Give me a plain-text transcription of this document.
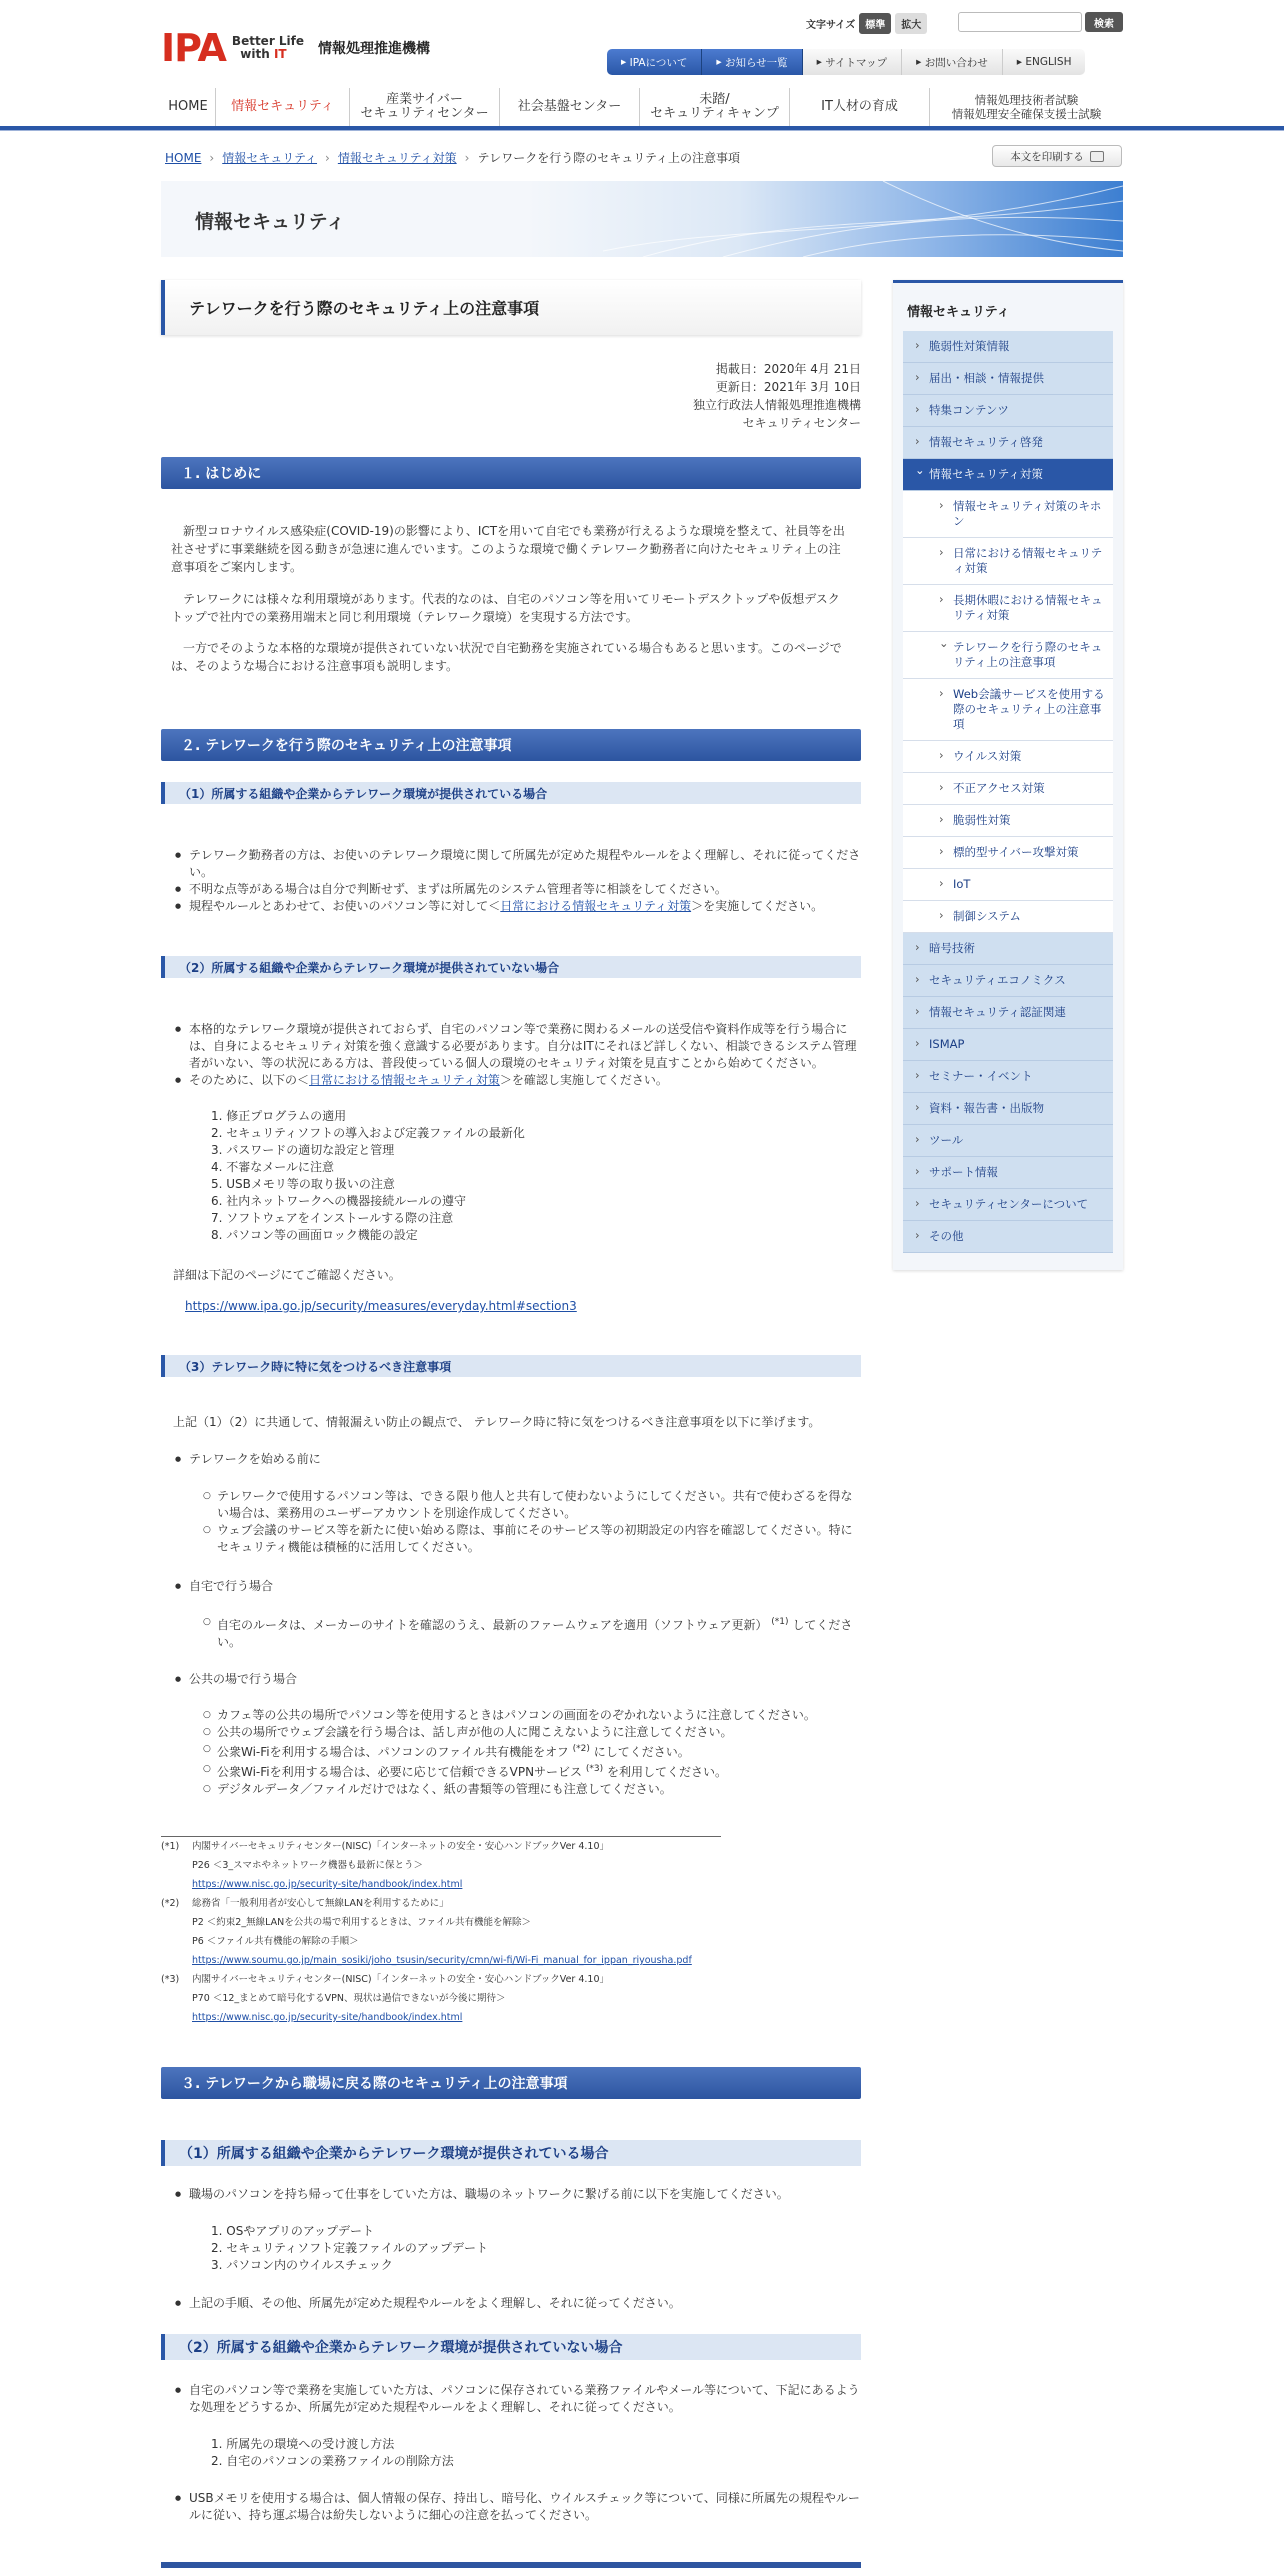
IPA Better Life
with IT	情報処理推進機構
文字サイズ	標準	拡大	検索
▸ IPAについて	▸ お知らせ一覧	▸ サイトマップ	▸ お問い合わせ	▸ ENGLISH
HOME	情報セキュリティ	産業サイバー
セキュリティセンター	社会基盤センター	未踏/
セキュリティキャンプ	IT人材の育成	情報処理技術者試験
情報処理安全確保支援士試験
HOME › 情報セキュリティ › 情報セキュリティ対策 › テレワークを行う際のセキュリティ上の注意事項	本文を印刷する
情報セキュリティ
テレワークを行う際のセキュリティ上の注意事項
掲載日：2020年 4月 21日
更新日：2021年 3月 10日
独立行政法人情報処理推進機構
セキュリティセンター
１. はじめに

新型コロナウイルス感染症(COVID-19)の影響により、ICTを用いて自宅でも業務が行えるような環境を整えて、社員等を出社させずに事業継続を図る動きが急速に進んでいます。このような環境で働くテレワーク勤務者に向けたセキュリティ上の注意事項をご案内します。

テレワークには様々な利用環境があります。代表的なのは、自宅のパソコン等を用いてリモートデスクトップや仮想デスクトップで社内での業務用端末と同じ利用環境（テレワーク環境）を実現する方法です。

一方でそのような本格的な環境が提供されていない状況で自宅勤務を実施されている場合もあると思います。このページでは、そのような場合における注意事項も説明します。

２. テレワークを行う際のセキュリティ上の注意事項
（1）所属する組織や企業からテレワーク環境が提供されている場合
● テレワーク勤務者の方は、お使いのテレワーク環境に関して所属先が定めた規程やルールをよく理解し、それに従ってください。
● 不明な点等がある場合は自分で判断せず、まずは所属先のシステム管理者等に相談をしてください。
● 規程やルールとあわせて、お使いのパソコン等に対して＜日常における情報セキュリティ対策＞を実施してください。
（2）所属する組織や企業からテレワーク環境が提供されていない場合
● 本格的なテレワーク環境が提供されておらず、自宅のパソコン等で業務に関わるメールの送受信や資料作成等を行う場合には、自身によるセキュリティ対策を強く意識する必要があります。自分はITにそれほど詳しくない、相談できるシステム管理者がいない、等の状況にある方は、普段使っている個人の環境のセキュリティ対策を見直すことから始めてください。
● そのために、以下の＜日常における情報セキュリティ対策＞を確認し実施してください。
1. 修正プログラムの適用
2. セキュリティソフトの導入および定義ファイルの最新化
3. パスワードの適切な設定と管理
4. 不審なメールに注意
5. USBメモリ等の取り扱いの注意
6. 社内ネットワークへの機器接続ルールの遵守
7. ソフトウェアをインストールする際の注意
8. パソコン等の画面ロック機能の設定

詳細は下記のページにてご確認ください。

https://www.ipa.go.jp/security/measures/everyday.html#section3

（3）テレワーク時に特に気をつけるべき注意事項

上記（1）（2）に共通して、情報漏えい防止の観点で、 テレワーク時に特に気をつけるべき注意事項を以下に挙げます。

● テレワークを始める前に
○ テレワークで使用するパソコン等は、できる限り他人と共有して使わないようにしてください。共有で使わざるを得ない場合は、業務用のユーザーアカウントを別途作成してください。
○ ウェブ会議のサービス等を新たに使い始める際は、事前にそのサービス等の初期設定の内容を確認してください。特にセキュリティ機能は積極的に活用してください。
● 自宅で行う場合
○ 自宅のルータは、メーカーのサイトを確認のうえ、最新のファームウェアを適用（ソフトウェア更新） $^{(*1)}$ してください。
● 公共の場で行う場合
○ カフェ等の公共の場所でパソコン等を使用するときはパソコンの画面をのぞかれないように注意してください。
○ 公共の場所でウェブ会議を行う場合は、話し声が他の人に聞こえないように注意してください。
○ 公衆Wi-Fiを利用する場合は、パソコンのファイル共有機能をオフ $^{(*2)}$ にしてください。
○ 公衆Wi-Fiを利用する場合は、必要に応じて信頼できるVPNサービス $^{(*3)}$ を利用してください。
○ デジタルデータ／ファイルだけではなく、紙の書類等の管理にも注意してください。
(*1)	内閣サイバーセキュリティセンター(NISC)「インターネットの安全・安心ハンドブックVer 4.10」
P26 ＜3_スマホやネットワーク機器も最新に保とう＞
https://www.nisc.go.jp/security-site/handbook/index.html
(*2)	総務省「一般利用者が安心して無線LANを利用するために」
P2 ＜約束2_無線LANを公共の場で利用するときは、ファイル共有機能を解除＞
P6 ＜ファイル共有機能の解除の手順＞
https://www.soumu.go.jp/main_sosiki/joho_tsusin/security/cmn/wi-fi/Wi-Fi_manual_for_ippan_riyousha.pdf
(*3)	内閣サイバーセキュリティセンター(NISC)「インターネットの安全・安心ハンドブックVer 4.10」
P70 ＜12_まとめて暗号化するVPN、現状は過信できないが今後に期待＞
https://www.nisc.go.jp/security-site/handbook/index.html
３. テレワークから職場に戻る際のセキュリティ上の注意事項
（1）所属する組織や企業からテレワーク環境が提供されている場合
● 職場のパソコンを持ち帰って仕事をしていた方は、職場のネットワークに繋げる前に以下を実施してください。
1. OSやアプリのアップデート
2. セキュリティソフト定義ファイルのアップデート
3. パソコン内のウイルスチェック
● 上記の手順、その他、所属先が定めた規程やルールをよく理解し、それに従ってください。
（2）所属する組織や企業からテレワーク環境が提供されていない場合
● 自宅のパソコン等で業務を実施していた方は、パソコンに保存されている業務ファイルやメール等について、下記にあるような処理をどうするか、所属先が定めた規程やルールをよく理解し、それに従ってください。
1. 所属先の環境への受け渡し方法
2. 自宅のパソコンの業務ファイルの削除方法
● USBメモリを使用する場合は、個人情報の保存、持出し、暗号化、ウイルスチェック等について、同様に所属先の規程やルールに従い、持ち運ぶ場合は紛失しないように細心の注意を払ってください。
情報セキュリティ
› 脆弱性対策情報
› 届出・相談・情報提供
› 特集コンテンツ
› 情報セキュリティ啓発
⌄ 情報セキュリティ対策
› 情報セキュリティ対策のキホン
› 日常における情報セキュリティ対策
› 長期休暇における情報セキュリティ対策
⌄ テレワークを行う際のセキュリティ上の注意事項
› Web会議サービスを使用する際のセキュリティ上の注意事項
› ウイルス対策
› 不正アクセス対策
› 脆弱性対策
› 標的型サイバー攻撃対策
› IoT
› 制御システム
› 暗号技術
› セキュリティエコノミクス
› 情報セキュリティ認証関連
› ISMAP
› セミナー・イベント
› 資料・報告書・出版物
› ツール
› サポート情報
› セキュリティセンターについて
› その他
